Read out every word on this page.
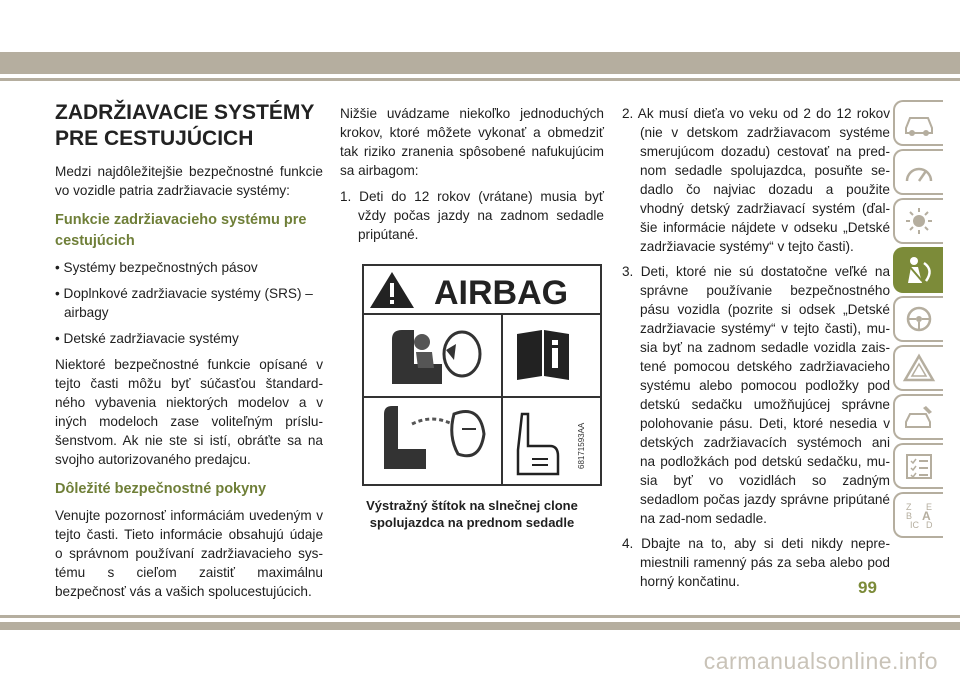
ZADRŽIAVACIE SYSTÉMY
PRE CESTUJÚCICH

Medzi najdôležitejšie bezpečnostné funkcie vo vozidle patria zadržiavacie systémy:

Funkcie zadržiavacieho systému pre
cestujúcich
• Systémy bezpečnostných pásov
• Doplnkové zadržiavacie systémy (SRS) – airbagy
• Detské zadržiavacie systémy

Niektoré bezpečnostné funkcie opísané v tejto časti môžu byť súčasťou štandard-ného vybavenia niektorých modelov a v iných modeloch zase voliteľným príslu-šenstvom. Ak nie ste si istí, obráťte sa na svojho autorizovaného predajcu.

Dôležité bezpečnostné pokyny

Venujte pozornosť informáciám uvedeným v tejto časti. Tieto informácie obsahujú údaje o správnom používaní zadržiavacieho sys-tému s cieľom zaistiť maximálnu bezpečnosť vás a vašich spolucestujúcich.

Nižšie uvádzame niekoľko jednoduchých krokov, ktoré môžete vykonať a obmedziť tak riziko zranenia spôsobené nafukujúcim sa airbagom:

1. Deti do 12 rokov (vrátane) musia byť vždy počas jazdy na zadnom sedadle pripútané.
AIRBAG
68171593AA
Výstražný štítok na slnečnej clone
spolujazdca na prednom sedadle
2. Ak musí dieťa vo veku od 2 do 12 rokov (nie v detskom zadržiavacom systéme smerujúcom dozadu) cestovať na pred-nom sedadle spolujazdca, posuňte se-dadlo čo najviac dozadu a použite vhodný detský zadržiavací systém (ďal-šie informácie nájdete v odseku „Detské zadržiavacie systémy“ v tejto časti).
3. Deti, ktoré nie sú dostatočne veľké na správne používanie bezpečnostného pásu vozidla (pozrite si odsek „Detské zadržiavacie systémy“ v tejto časti), mu-sia byť na zadnom sedadle vozidla zais-tené pomocou detského zadržiavacieho systému alebo pomocou podložky pod detskú sedačku umožňujúcej správne polohovanie pásu. Deti, ktoré nesedia v detských zadržiavacích systémoch ani na podložkách pod detskú sedačku, mu-sia byť vo vozidlách so zadným sedadlom počas jazdy správne pripútané na zad-nom sedadle.
4. Dbajte na to, aby si deti nikdy nepre-miestnili ramenný pás za seba alebo pod horný končatinu.
Z E
B A
IC D
99
carmanualsonline.info
